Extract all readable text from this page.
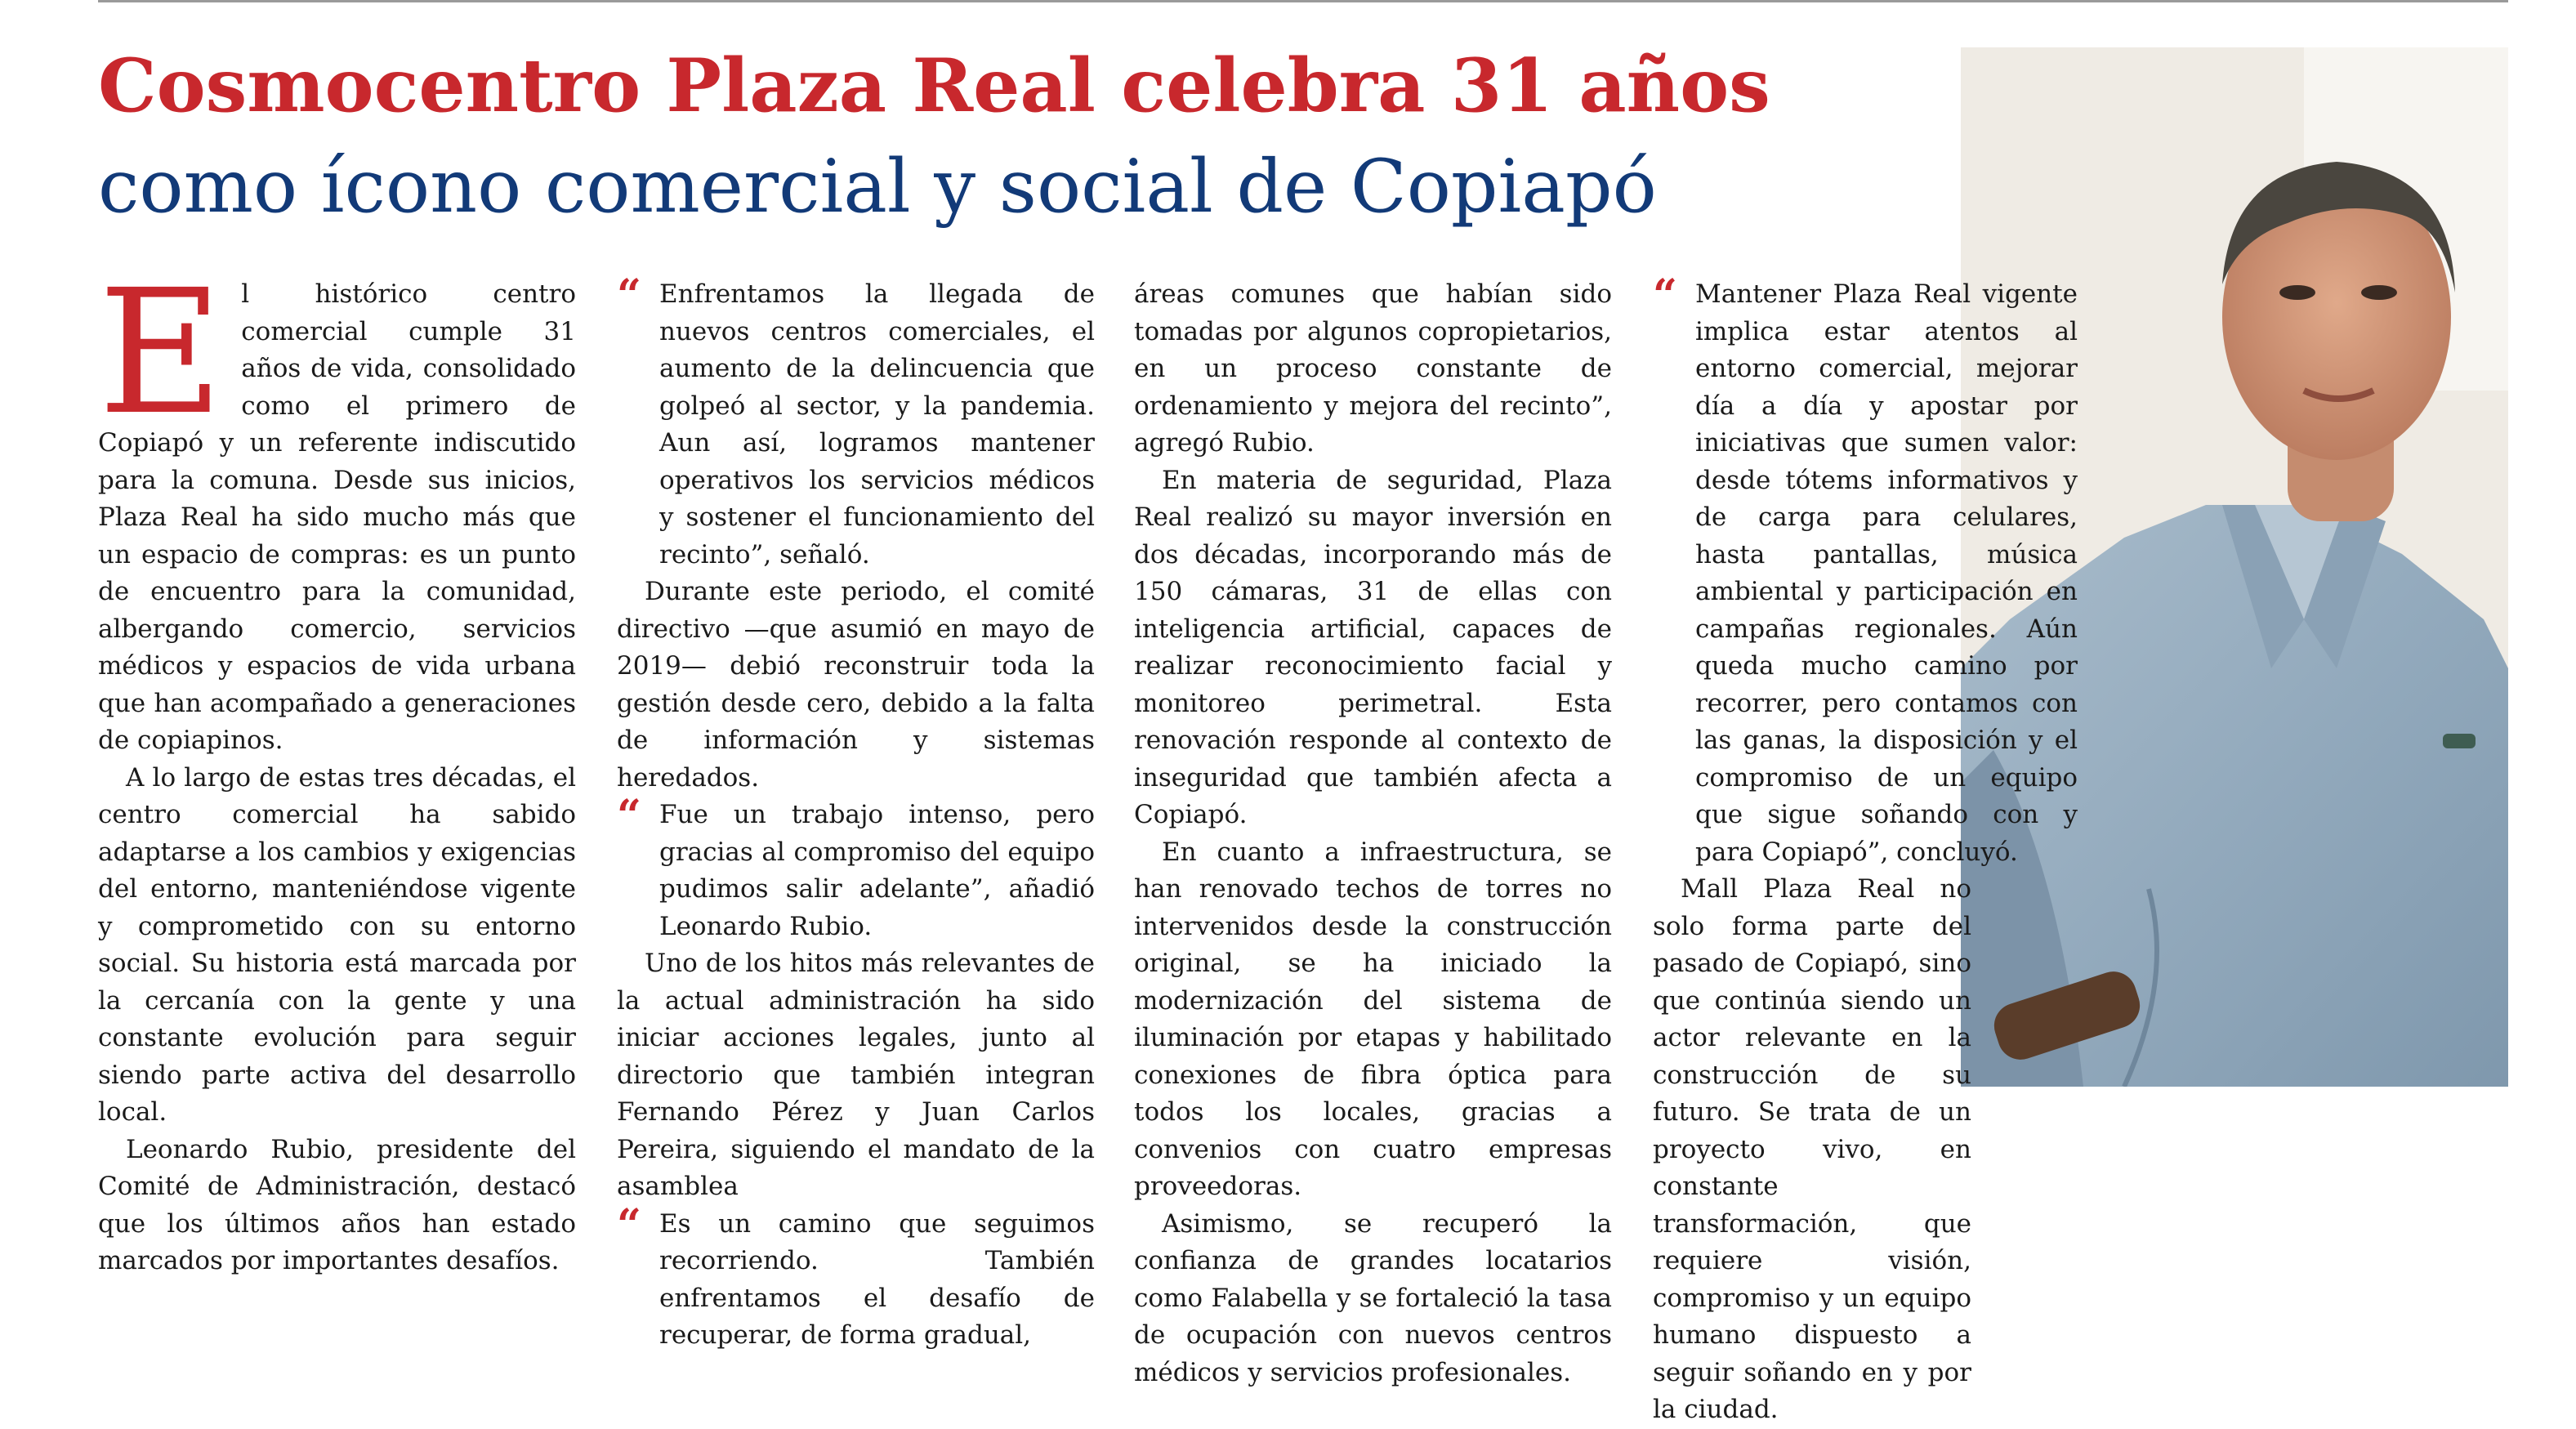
Cosmocentro Plaza Real celebra 31 años
como ícono comercial y social de Copiapó

El histórico centro comercial cumple 31 años de vida, consolidado como el primero de Copiapó y un referente indiscutido para la comuna. Desde sus inicios, Plaza Real ha sido mucho más que un espacio de compras: es un punto de encuentro para la comunidad, albergando comercio, servicios médicos y espacios de vida urbana que han acompañado a generaciones de copiapinos.

A lo largo de estas tres décadas, el centro comercial ha sabido adaptarse a los cambios y exigencias del entorno, manteniéndose vigente y comprometido con su entorno social. Su historia está marcada por la cercanía con la gente y una constante evolución para seguir siendo parte activa del desarrollo local.

Leonardo Rubio, presidente del Comité de Administración, destacó que los últimos años han estado marcados por importantes desafíos.

“ Enfrentamos la llegada de nuevos centros comerciales, el aumento de la delincuencia que golpeó al sector, y la pandemia. Aun así, logramos mantener operativos los servicios médicos y sostener el funcionamiento del recinto”, señaló.

Durante este periodo, el comité directivo —que asumió en mayo de 2019— debió reconstruir toda la gestión desde cero, debido a la falta de información y sistemas heredados.

“ Fue un trabajo intenso, pero gracias al compromiso del equipo pudimos salir adelante”, añadió Leonardo Rubio.

Uno de los hitos más relevantes de la actual administración ha sido iniciar acciones legales, junto al directorio que también integran Fernando Pérez y Juan Carlos Pereira, siguiendo el mandato de la asamblea

“ Es un camino que seguimos recorriendo. También enfrentamos el desafío de recuperar, de forma gradual,

áreas comunes que habían sido tomadas por algunos copropietarios, en un proceso constante de ordenamiento y mejora del recinto”, agregó Rubio.

En materia de seguridad, Plaza Real realizó su mayor inversión en dos décadas, incorporando más de 150 cámaras, 31 de ellas con inteligencia artificial, capaces de realizar reconocimiento facial y monitoreo perimetral. Esta renovación responde al contexto de inseguridad que también afecta a Copiapó.

En cuanto a infraestructura, se han renovado techos de torres no intervenidos desde la construcción original, se ha iniciado la modernización del sistema de iluminación por etapas y habilitado conexiones de fibra óptica para todos los locales, gracias a convenios con cuatro empresas proveedoras.

Asimismo, se recuperó la confianza de grandes locatarios como Falabella y se fortaleció la tasa de ocupación con nuevos centros médicos y servicios profesionales.

“ Mantener Plaza Real vigente implica estar atentos al entorno comercial, mejorar día a día y apostar por iniciativas que sumen valor: desde tótems informativos y de carga para celulares, hasta pantallas, música ambiental y participación en campañas regionales. Aún queda mucho camino por recorrer, pero contamos con las ganas, la disposición y el compromiso de un equipo que sigue soñando con y para Copiapó”, concluyó.

Mall Plaza Real no solo forma parte del pasado de Copiapó, sino que continúa siendo un actor relevante en la construcción de su futuro. Se trata de un proyecto vivo, en constante transformación, que requiere visión, compromiso y un equipo humano dispuesto a seguir soñando en y por la ciudad.
